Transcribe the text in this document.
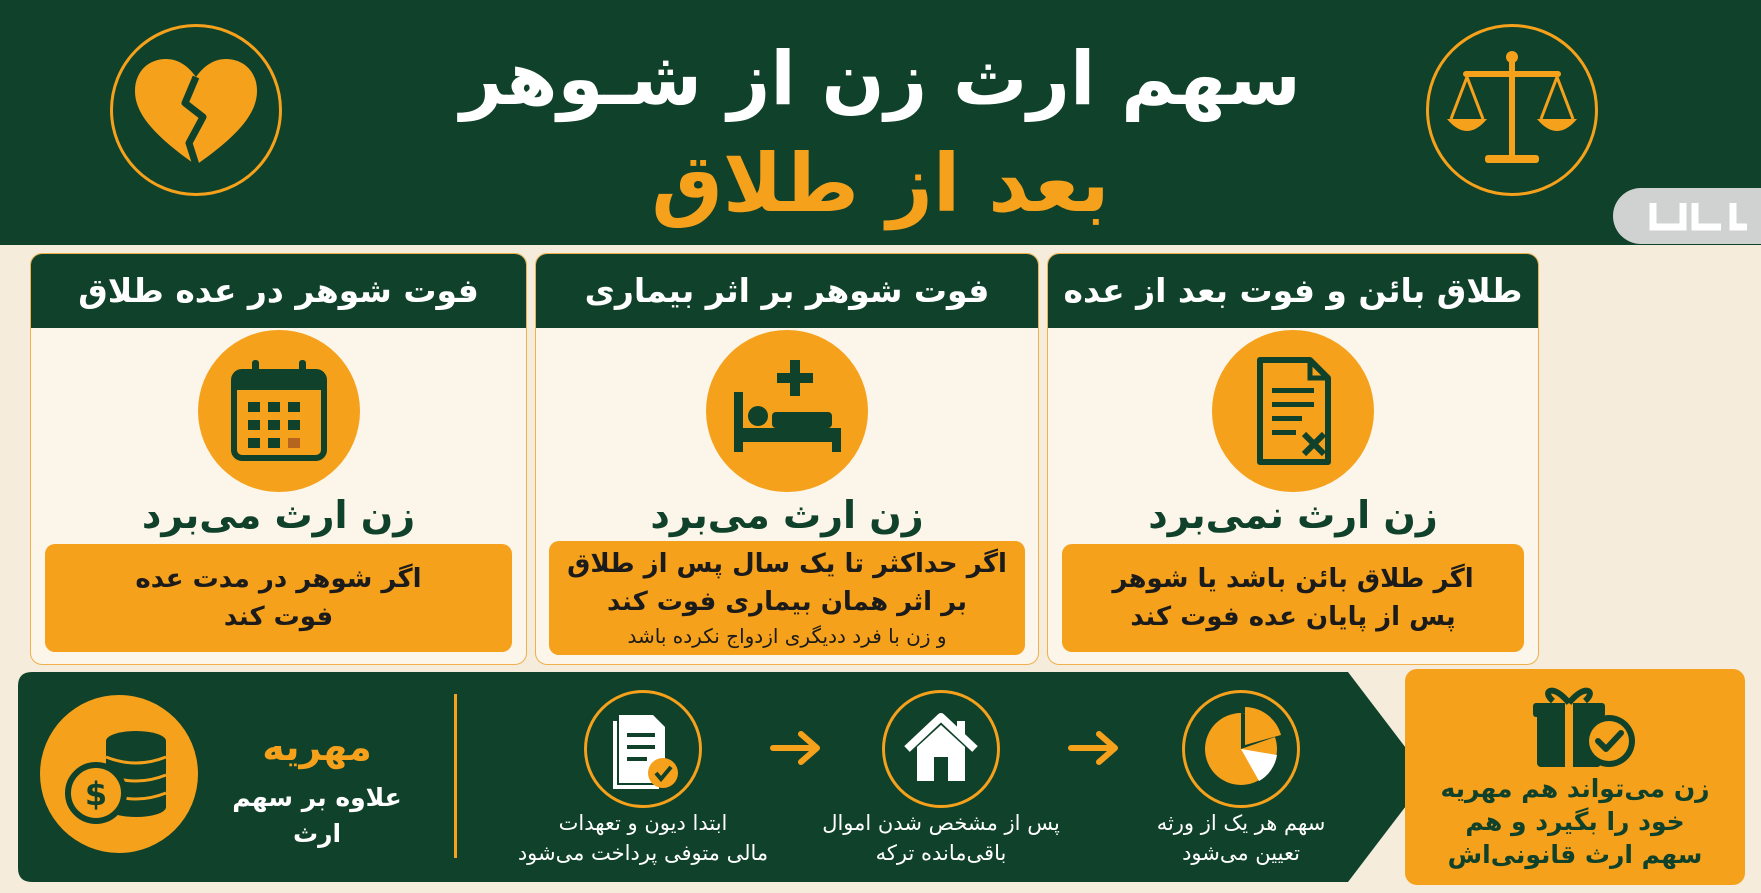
سهم ارث زن از شـوهر
بعد از طلاق
طلاق بائن و فوت بعد از عده
زن ارث نمی‌برد
اگر طلاق بائن باشد یا شوهر
پس از پایان عده فوت کند
فوت شوهر بر اثر بیماری
زن ارث می‌برد
فوت شوهر در عده طلاق
زن ارث می‌برد
اگر شوهر در مدت عده
فوت کند
اگر حداکثر تا یک سال پس از طلاق
بر اثر همان بیماری فوت کند
و زن با فرد ددیگری ازدواج نکرده باشد
$
مهریه
علاوه بر سهم ارث	ابتدا دیون و تعهدات
مالی متوفی پرداخت می‌شود
پس از مشخص شدن اموال
باقی‌مانده ترکه
سهم هر یک از ورثه
تعیین می‌شود
زن می‌تواند هم مهریه
خود را بگیرد و هم
سهم ارث قانونی‌اش
